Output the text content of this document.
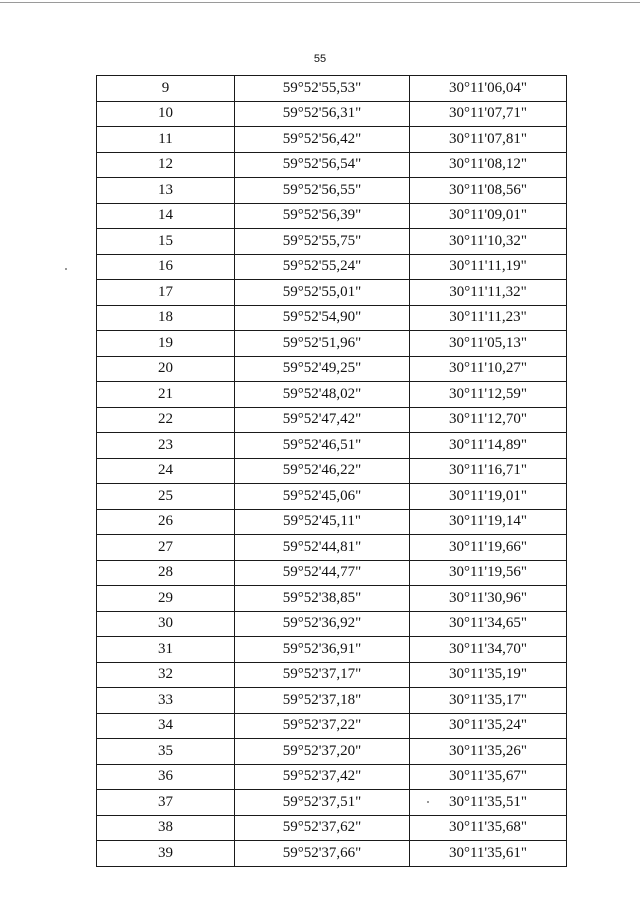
55
9	59°52'55,53"	30°11'06,04"
10	59°52'56,31"	30°11'07,71"
11	59°52'56,42"	30°11'07,81"
12	59°52'56,54"	30°11'08,12"
13	59°52'56,55"	30°11'08,56"
14	59°52'56,39"	30°11'09,01"
15	59°52'55,75"	30°11'10,32"
16	59°52'55,24"	30°11'11,19"
17	59°52'55,01"	30°11'11,32"
18	59°52'54,90"	30°11'11,23"
19	59°52'51,96"	30°11'05,13"
20	59°52'49,25"	30°11'10,27"
21	59°52'48,02"	30°11'12,59"
22	59°52'47,42"	30°11'12,70"
23	59°52'46,51"	30°11'14,89"
24	59°52'46,22"	30°11'16,71"
25	59°52'45,06"	30°11'19,01"
26	59°52'45,11"	30°11'19,14"
27	59°52'44,81"	30°11'19,66"
28	59°52'44,77"	30°11'19,56"
29	59°52'38,85"	30°11'30,96"
30	59°52'36,92"	30°11'34,65"
31	59°52'36,91"	30°11'34,70"
32	59°52'37,17"	30°11'35,19"
33	59°52'37,18"	30°11'35,17"
34	59°52'37,22"	30°11'35,24"
35	59°52'37,20"	30°11'35,26"
36	59°52'37,42"	30°11'35,67"
37	59°52'37,51"	30°11'35,51"
38	59°52'37,62"	30°11'35,68"
39	59°52'37,66"	30°11'35,61"
